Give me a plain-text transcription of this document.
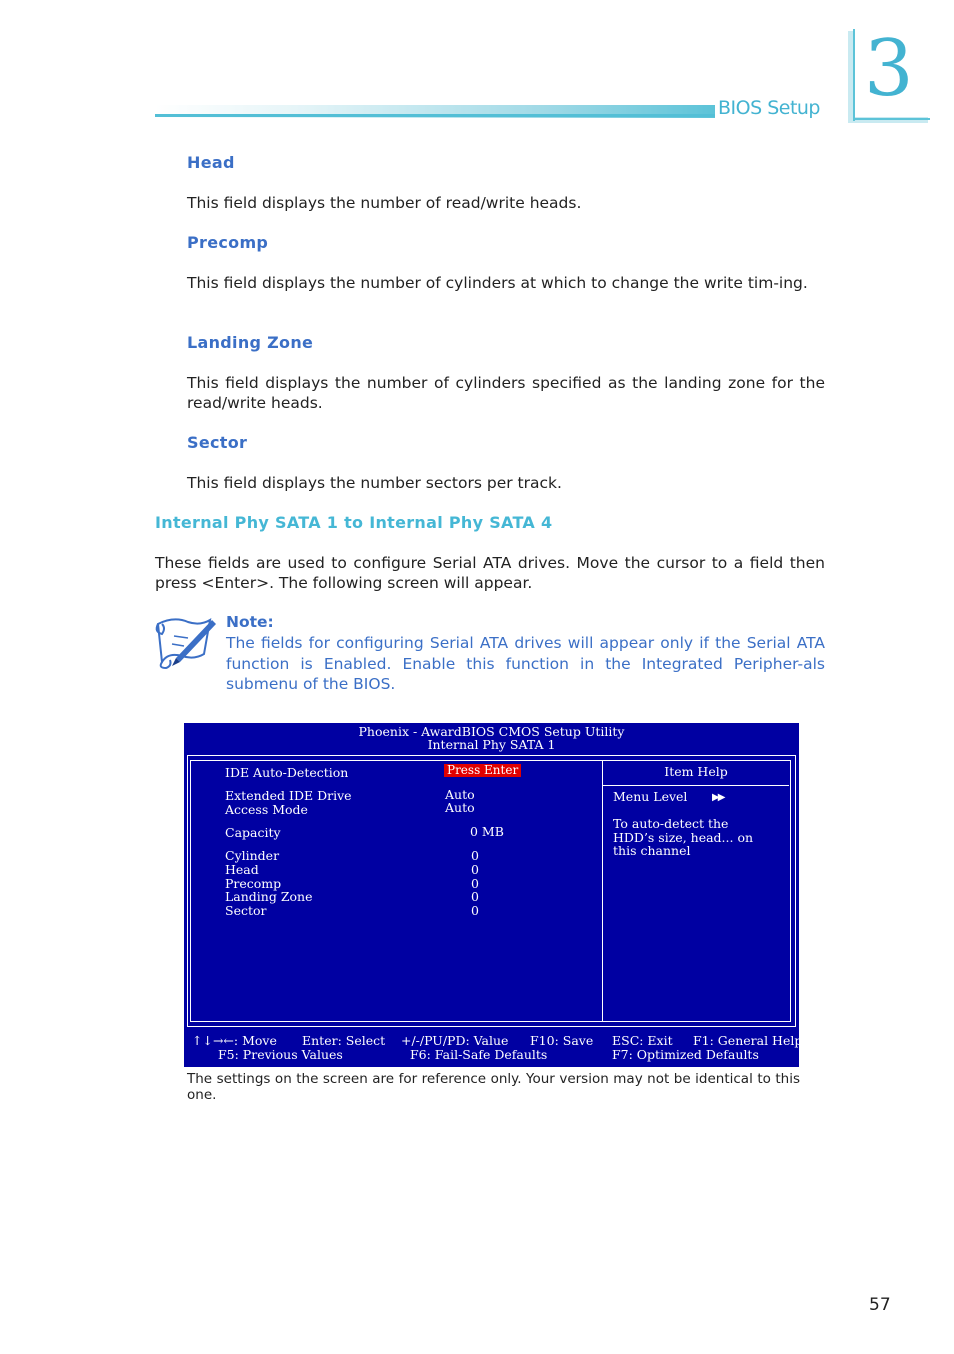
BIOS Setup 3
Head
This field displays the number of read/write heads.
Precomp
This field displays the number of cylinders at which to change the write tim-ing.
Landing Zone
This field displays the number of cylinders specified as the landing zone for the read/write heads.
Sector
This field displays the number sectors per track.
Internal Phy SATA 1 to Internal Phy SATA 4
These fields are used to configure Serial ATA drives. Move the cursor to a field then press <Enter>. The following screen will appear.
Note:
The fields for configuring Serial ATA drives will appear only if the Serial ATA function is Enabled. Enable this function in the Integrated Peripher-als submenu of the BIOS.
Phoenix - AwardBIOS CMOS Setup Utility
Internal Phy SATA 1
IDE Auto-Detection	Press Enter
Extended IDE Drive	Auto
Access Mode	Auto
Capacity	0 MB
Cylinder	0
Head	0
Precomp	0
Landing Zone	0
Sector	0
Item Help
Menu Level ▶▶
To auto-detect the
HDD’s size, head... on
this channel
↑↓→←: Move Enter: Select +/-/PU/PD: Value F10: Save ESC: Exit F1: General Help
F5: Previous Values	F6: Fail-Safe Defaults	F7: Optimized Defaults
The settings on the screen are for reference only. Your version may not be identical to this one.
57
